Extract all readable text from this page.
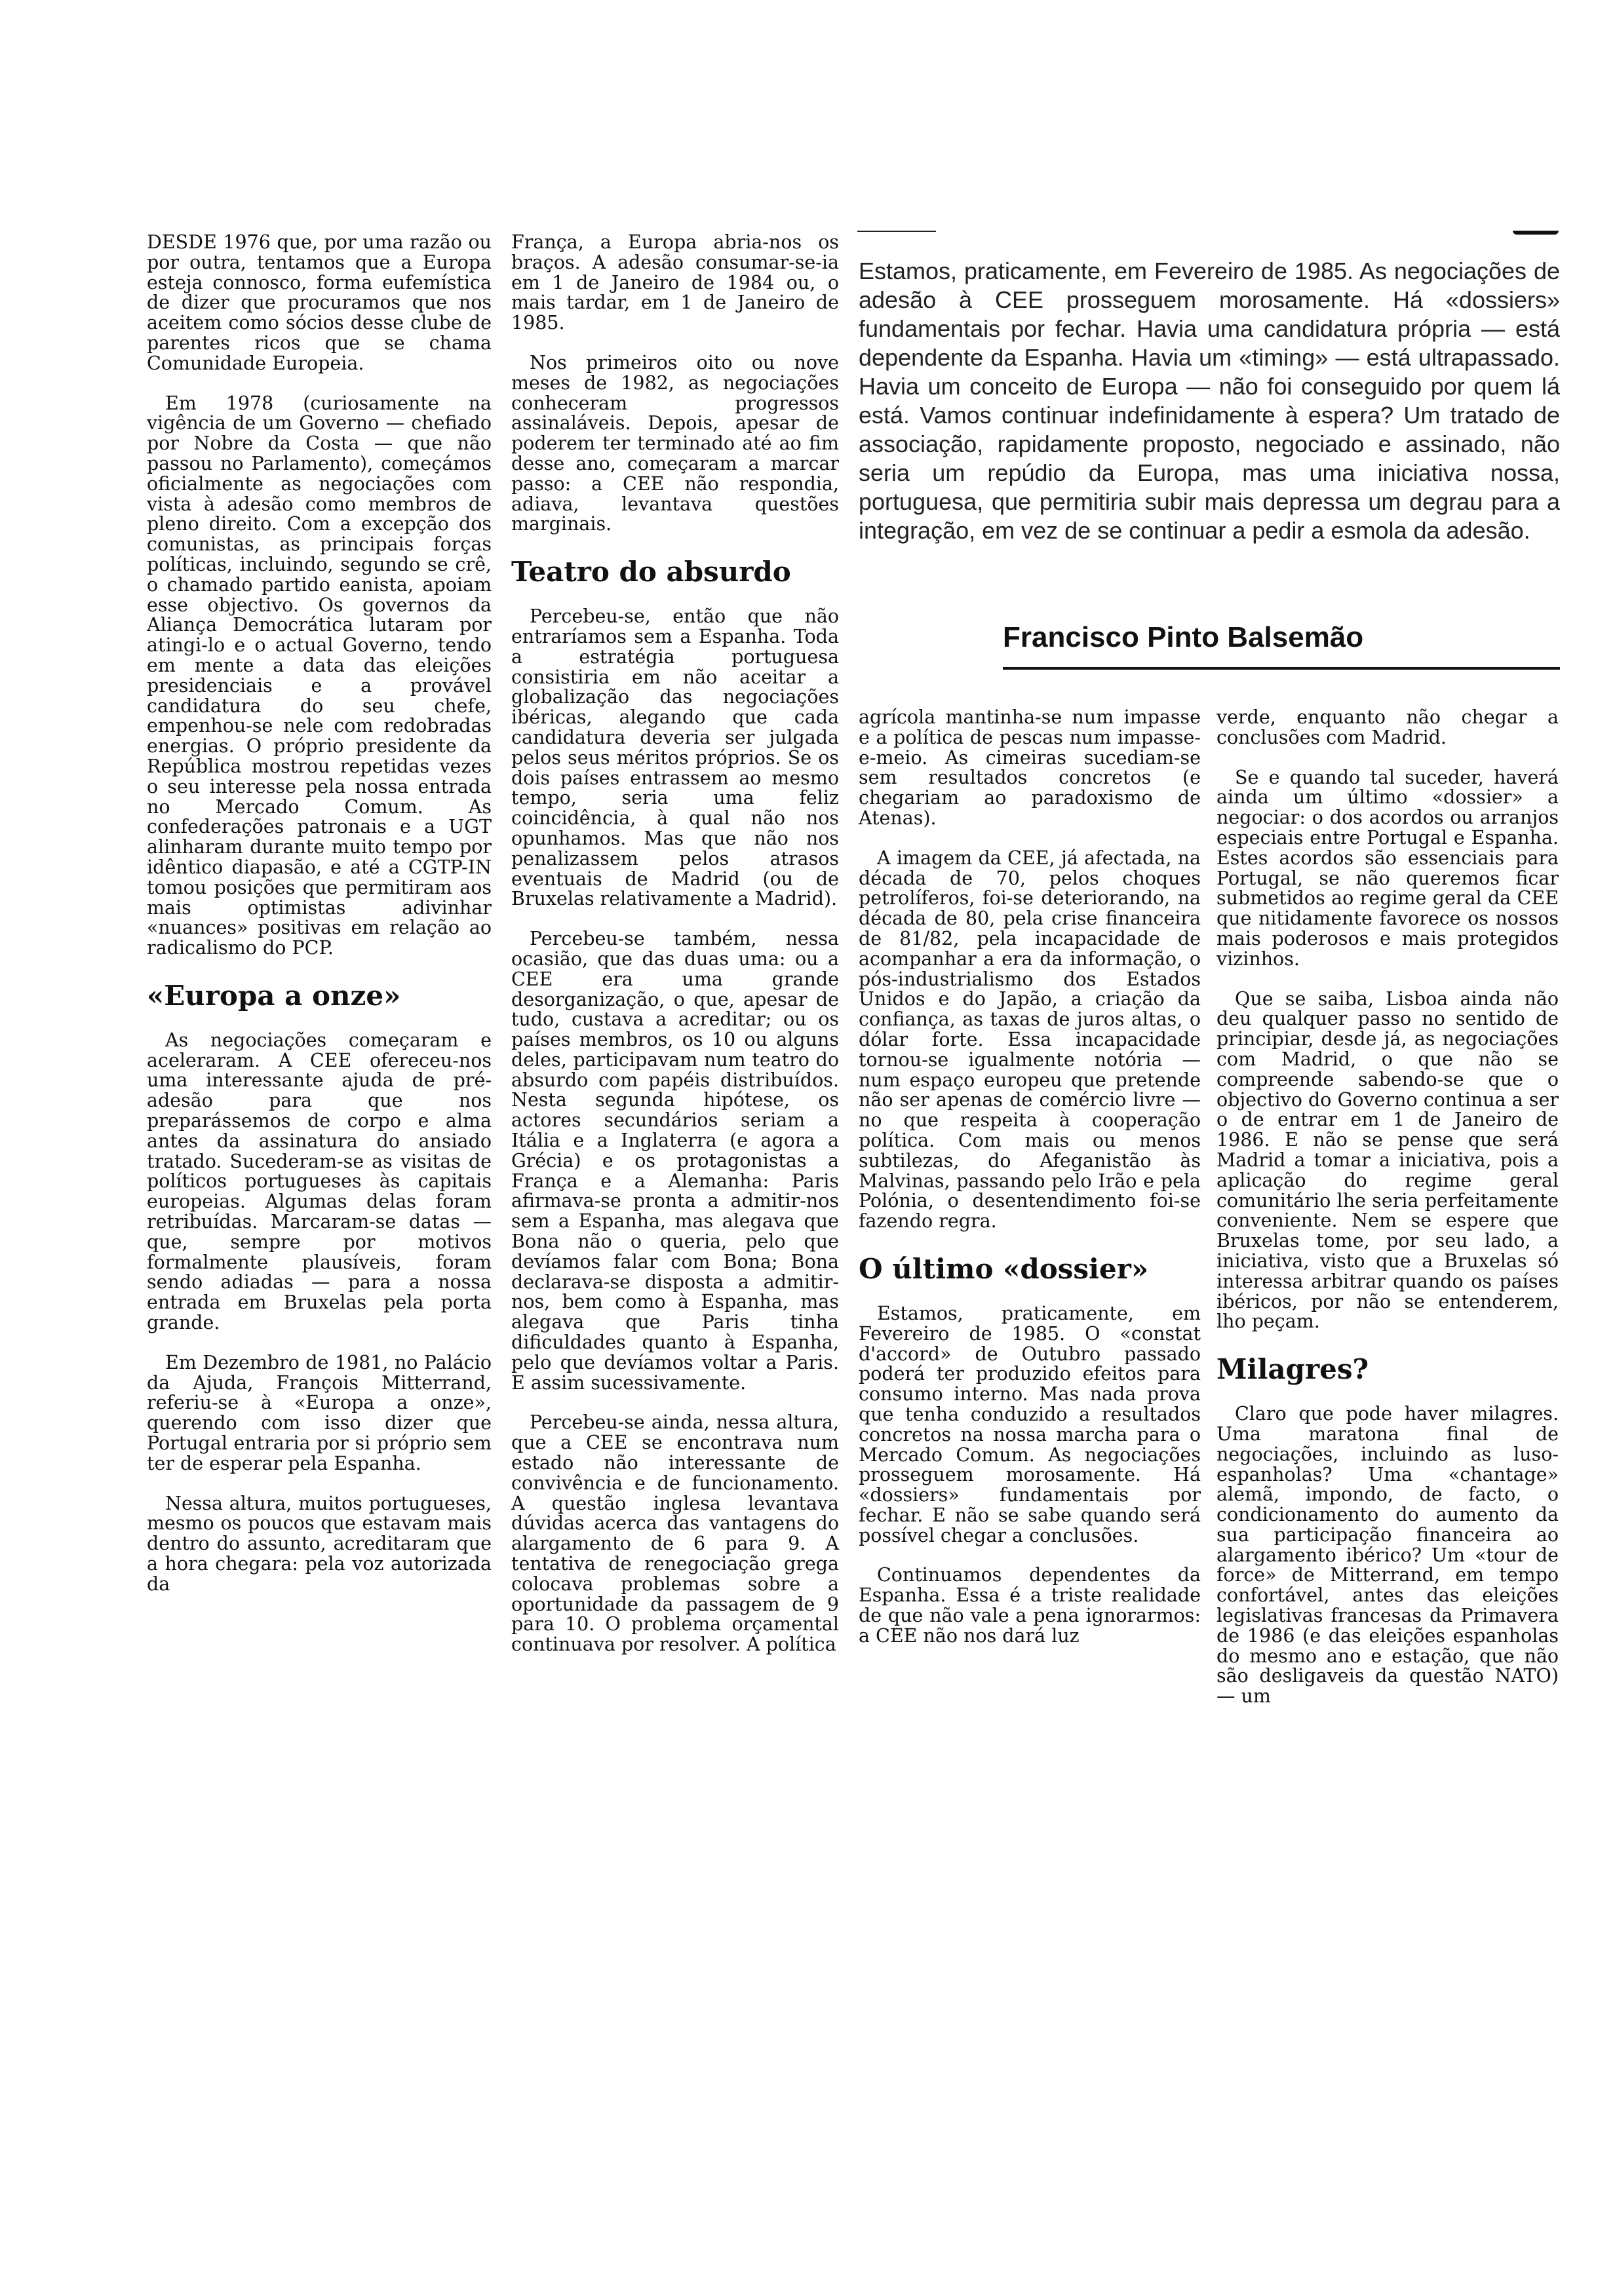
Estamos, praticamente, em Fevereiro de 1985. As negociações de adesão à CEE prosseguem morosamente. Há «dossiers» fundamentais por fechar. Havia uma candidatura própria — está dependente da Espanha. Havia um «timing» — está ultrapassado. Havia um conceito de Europa — não foi conseguido por quem lá está. Vamos continuar indefinidamente à espera? Um tratado de associação, rapidamente proposto, negociado e assinado, não seria um repúdio da Europa, mas uma iniciativa nossa, portuguesa, que permitiria subir mais depressa um degrau para a integração, em vez de se continuar a pedir a esmola da adesão.
Francisco Pinto Balsemão

DESDE 1976 que, por uma razão ou por outra, tentamos que a Europa esteja connosco, forma eufemística de dizer que procuramos que nos aceitem como sócios desse clube de parentes ricos que se chama Comunidade Europeia.

Em 1978 (curiosamente na vigência de um Governo — chefiado por Nobre da Costa — que não passou no Parlamento), começámos oficialmente as negociações com vista à adesão como membros de pleno direito. Com a excepção dos comunistas, as principais forças políticas, incluindo, segundo se crê, o chamado partido eanista, apoiam esse objectivo. Os governos da Aliança Democrática lutaram por atingi-lo e o actual Governo, tendo em mente a data das eleições presidenciais e a provável candidatura do seu chefe, empenhou-se nele com redobradas energias. O próprio presidente da República mostrou repetidas vezes o seu interesse pela nossa entrada no Mercado Comum. As confederações patronais e a UGT alinharam durante muito tempo por idêntico diapasão, e até a CGTP-IN tomou posições que permitiram aos mais optimistas adivinhar «nuances» positivas em relação ao radicalismo do PCP.

«Europa a onze»

As negociações começaram e aceleraram. A CEE ofereceu-nos uma interessante ajuda de pré-adesão para que nos preparássemos de corpo e alma antes da assinatura do ansiado tratado. Sucederam-se as visitas de políticos portugueses às capitais europeias. Algumas delas foram retribuídas. Marcaram-se datas — que, sempre por motivos formalmente plausíveis, foram sendo adiadas — para a nossa entrada em Bruxelas pela porta grande.

Em Dezembro de 1981, no Palácio da Ajuda, François Mitterrand, referiu-se à «Europa a onze», querendo com isso dizer que Portugal entraria por si próprio sem ter de esperar pela Espanha.

Nessa altura, muitos portugueses, mesmo os poucos que estavam mais dentro do assunto, acreditaram que a hora chegara: pela voz autorizada da

França, a Europa abria-nos os braços. A adesão consumar-se-ia em 1 de Janeiro de 1984 ou, o mais tardar, em 1 de Janeiro de 1985.

Nos primeiros oito ou nove meses de 1982, as negociações conheceram progressos assinaláveis. Depois, apesar de poderem ter terminado até ao fim desse ano, começaram a marcar passo: a CEE não respondia, adiava, levantava questões marginais.

Teatro do absurdo

Percebeu-se, então que não entraríamos sem a Espanha. Toda a estratégia portuguesa consistiria em não aceitar a globalização das negociações ibéricas, alegando que cada candidatura deveria ser julgada pelos seus méritos próprios. Se os dois países entrassem ao mesmo tempo, seria uma feliz coincidência, à qual não nos opunhamos. Mas que não nos penalizassem pelos atrasos eventuais de Madrid (ou de Bruxelas relativamente a Madrid).

Percebeu-se também, nessa ocasião, que das duas uma: ou a CEE era uma grande desorganização, o que, apesar de tudo, custava a acreditar; ou os países membros, os 10 ou alguns deles, participavam num teatro do absurdo com papéis distribuídos. Nesta segunda hipótese, os actores secundários seriam a Itália e a Inglaterra (e agora a Grécia) e os protagonistas a França e a Alemanha: Paris afirmava-se pronta a admitir-nos sem a Espanha, mas alegava que Bona não o queria, pelo que devíamos falar com Bona; Bona declarava-se disposta a admitir-nos, bem como à Espanha, mas alegava que Paris tinha dificuldades quanto à Espanha, pelo que devíamos voltar a Paris. E assim sucessivamente.

Percebeu-se ainda, nessa altura, que a CEE se encontrava num estado não interessante de convivência e de funcionamento. A questão inglesa levantava dúvidas acerca das vantagens do alargamento de 6 para 9. A tentativa de renegociação grega colocava problemas sobre a oportunidade da passagem de 9 para 10. O problema orçamental continuava por resolver. A política

agrícola mantinha-se num impasse e a política de pescas num impasse-e-meio. As cimeiras sucediam-se sem resultados concretos (e chegariam ao paradoxismo de Atenas).

A imagem da CEE, já afectada, na década de 70, pelos choques petrolíferos, foi-se deteriorando, na década de 80, pela crise financeira de 81/82, pela incapacidade de acompanhar a era da informação, o pós-industrialismo dos Estados Unidos e do Japão, a criação da confiança, as taxas de juros altas, o dólar forte. Essa incapacidade tornou-se igualmente notória — num espaço europeu que pretende não ser apenas de comércio livre — no que respeita à cooperação política. Com mais ou menos subtilezas, do Afeganistão às Malvinas, passando pelo Irão e pela Polónia, o desentendimento foi-se fazendo regra.

O último «dossier»

Estamos, praticamente, em Fevereiro de 1985. O «constat d'accord» de Outubro passado poderá ter produzido efeitos para consumo interno. Mas nada prova que tenha conduzido a resultados concretos na nossa marcha para o Mercado Comum. As negociações prosseguem morosamente. Há «dossiers» fundamentais por fechar. E não se sabe quando será possível chegar a conclusões.

Continuamos dependentes da Espanha. Essa é a triste realidade de que não vale a pena ignorarmos: a CEE não nos dará luz

verde, enquanto não chegar a conclusões com Madrid.

Se e quando tal suceder, haverá ainda um último «dossier» a negociar: o dos acordos ou arranjos especiais entre Portugal e Espanha. Estes acordos são essenciais para Portugal, se não queremos ficar submetidos ao regime geral da CEE que nitidamente favorece os nossos mais poderosos e mais protegidos vizinhos.

Que se saiba, Lisboa ainda não deu qualquer passo no sentido de principiar, desde já, as negociações com Madrid, o que não se compreende sabendo-se que o objectivo do Governo continua a ser o de entrar em 1 de Janeiro de 1986. E não se pense que será Madrid a tomar a iniciativa, pois a aplicação do regime geral comunitário lhe seria perfeitamente conveniente. Nem se espere que Bruxelas tome, por seu lado, a iniciativa, visto que a Bruxelas só interessa arbitrar quando os países ibéricos, por não se entenderem, lho peçam.

Milagres?

Claro que pode haver milagres. Uma maratona final de negociações, incluindo as luso-espanholas? Uma «chantage» alemã, impondo, de facto, o condicionamento do aumento da sua participação financeira ao alargamento ibérico? Um «tour de force» de Mitterrand, em tempo confortável, antes das eleições legislativas francesas da Primavera de 1986 (e das eleições espanholas do mesmo ano e estação, que não são desligaveis da questão NATO) — um
